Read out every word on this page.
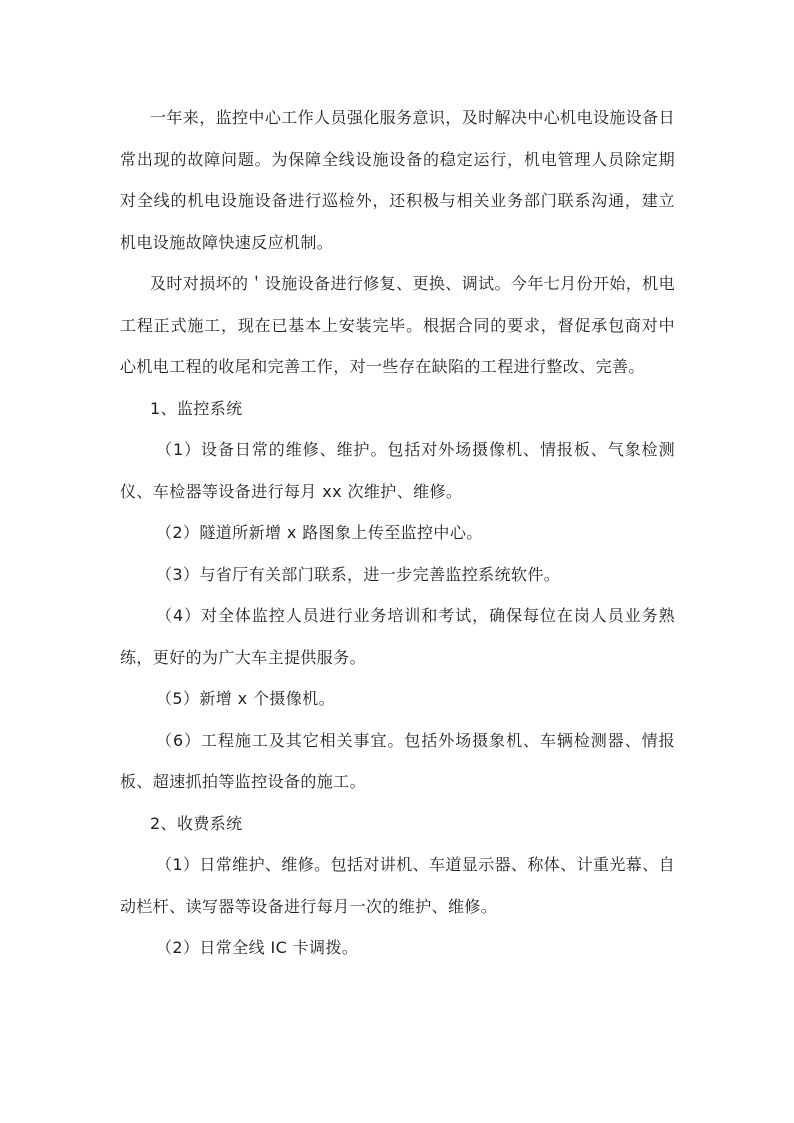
一年来，监控中心工作人员强化服务意识，及时解决中心机电设施设备日常出现的故障问题。为保障全线设施设备的稳定运行，机电管理人员除定期对全线的机电设施设备进行巡检外，还积极与相关业务部门联系沟通，建立机电设施故障快速反应机制。

及时对损坏的＇设施设备进行修复、更换、调试。今年七月份开始，机电工程正式施工，现在已基本上安装完毕。根据合同的要求，督促承包商对中心机电工程的收尾和完善工作，对一些存在缺陷的工程进行整改、完善。

1、监控系统

（1）设备日常的维修、维护。包括对外场摄像机、情报板、气象检测仪、车检器等设备进行每月 xx 次维护、维修。

（2）隧道所新增 x 路图象上传至监控中心。

（3）与省厅有关部门联系，进一步完善监控系统软件。

（4）对全体监控人员进行业务培训和考试，确保每位在岗人员业务熟练，更好的为广大车主提供服务。

（5）新增 x 个摄像机。

（6）工程施工及其它相关事宜。包括外场摄象机、车辆检测器、情报板、超速抓拍等监控设备的施工。

2、收费系统

（1）日常维护、维修。包括对讲机、车道显示器、称体、计重光幕、自动栏杆、读写器等设备进行每月一次的维护、维修。

（2）日常全线 IC 卡调拨。
